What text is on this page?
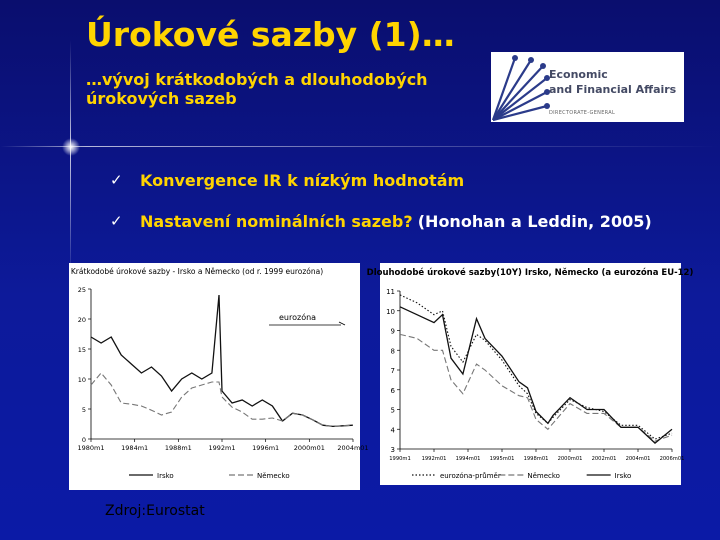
Úrokové sazby (1)…
…vývoj krátkodobých a dlouhodobých úrokových sazeb
Economic
and Financial Affairs
DIRECTORATE-GENERAL
✓	Konvergence IR k nízkým hodnotám
✓	Nastavení nominálních sazeb?
(Honohan a Leddin, 2005)
Krátkodobé úrokové sazby - Irsko a Německo (od r. 1999 eurozóna)
0
5
10
15
20
25
1980m1	1984m1	1988m1	1992m1	1996m1 2000m01 2004m01
eurozóna
Irsko	Německo
Dlouhodobé úrokové sazby(10Y) Irsko, Německo (a eurozóna EU-12)
3
4
5
6
7
8
9
10
11
1990m1 1992m01 1994m01 1995m01 1998m01 2000m01 2002m01 2004m01 2006m01
eurozóna-průměr	Německo	Irsko
Zdroj:Eurostat
